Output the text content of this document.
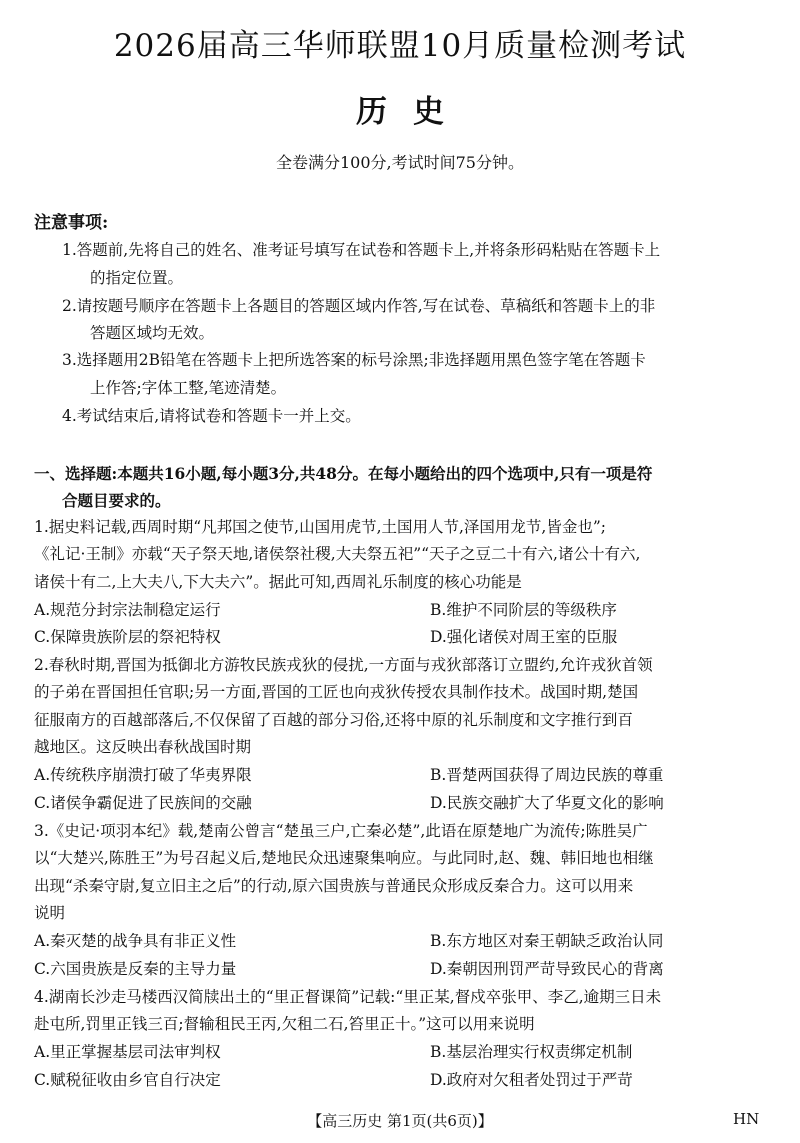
2026届高三华师联盟10月质量检测考试
历史
全卷满分100分,考试时间75分钟。
注意事项:
1.答题前,先将自己的姓名、准考证号填写在试卷和答题卡上,并将条形码粘贴在答题卡上
的指定位置。
2.请按题号顺序在答题卡上各题目的答题区域内作答,写在试卷、草稿纸和答题卡上的非
答题区域均无效。
3.选择题用2B铅笔在答题卡上把所选答案的标号涂黑;非选择题用黑色签字笔在答题卡
上作答;字体工整,笔迹清楚。
4.考试结束后,请将试卷和答题卡一并上交。
一、选择题:本题共16小题,每小题3分,共48分。在每小题给出的四个选项中,只有一项是符
合题目要求的。
1.据史料记载,西周时期“凡邦国之使节,山国用虎节,土国用人节,泽国用龙节,皆金也”;
《礼记·王制》亦载“天子祭天地,诸侯祭社稷,大夫祭五祀”“天子之豆二十有六,诸公十有六,
诸侯十有二,上大夫八,下大夫六”。据此可知,西周礼乐制度的核心功能是
A.规范分封宗法制稳定运行	B.维护不同阶层的等级秩序
C.保障贵族阶层的祭祀特权	D.强化诸侯对周王室的臣服
2.春秋时期,晋国为抵御北方游牧民族戎狄的侵扰,一方面与戎狄部落订立盟约,允许戎狄首领
的子弟在晋国担任官职;另一方面,晋国的工匠也向戎狄传授农具制作技术。战国时期,楚国
征服南方的百越部落后,不仅保留了百越的部分习俗,还将中原的礼乐制度和文字推行到百
越地区。这反映出春秋战国时期
A.传统秩序崩溃打破了华夷界限	B.晋楚两国获得了周边民族的尊重
C.诸侯争霸促进了民族间的交融	D.民族交融扩大了华夏文化的影响
3.《史记·项羽本纪》载,楚南公曾言“楚虽三户,亡秦必楚”,此语在原楚地广为流传;陈胜吴广
以“大楚兴,陈胜王”为号召起义后,楚地民众迅速聚集响应。与此同时,赵、魏、韩旧地也相继
出现“杀秦守尉,复立旧主之后”的行动,原六国贵族与普通民众形成反秦合力。这可以用来
说明
A.秦灭楚的战争具有非正义性	B.东方地区对秦王朝缺乏政治认同
C.六国贵族是反秦的主导力量	D.秦朝因刑罚严苛导致民心的背离
4.湖南长沙走马楼西汉简牍出土的“里正督课简”记载:“里正某,督戍卒张甲、李乙,逾期三日未
赴屯所,罚里正钱三百;督输租民王丙,欠租二石,笞里正十。”这可以用来说明
A.里正掌握基层司法审判权	B.基层治理实行权责绑定机制
C.赋税征收由乡官自行决定	D.政府对欠租者处罚过于严苛
【高三历史 第1页(共6页)】	HN
